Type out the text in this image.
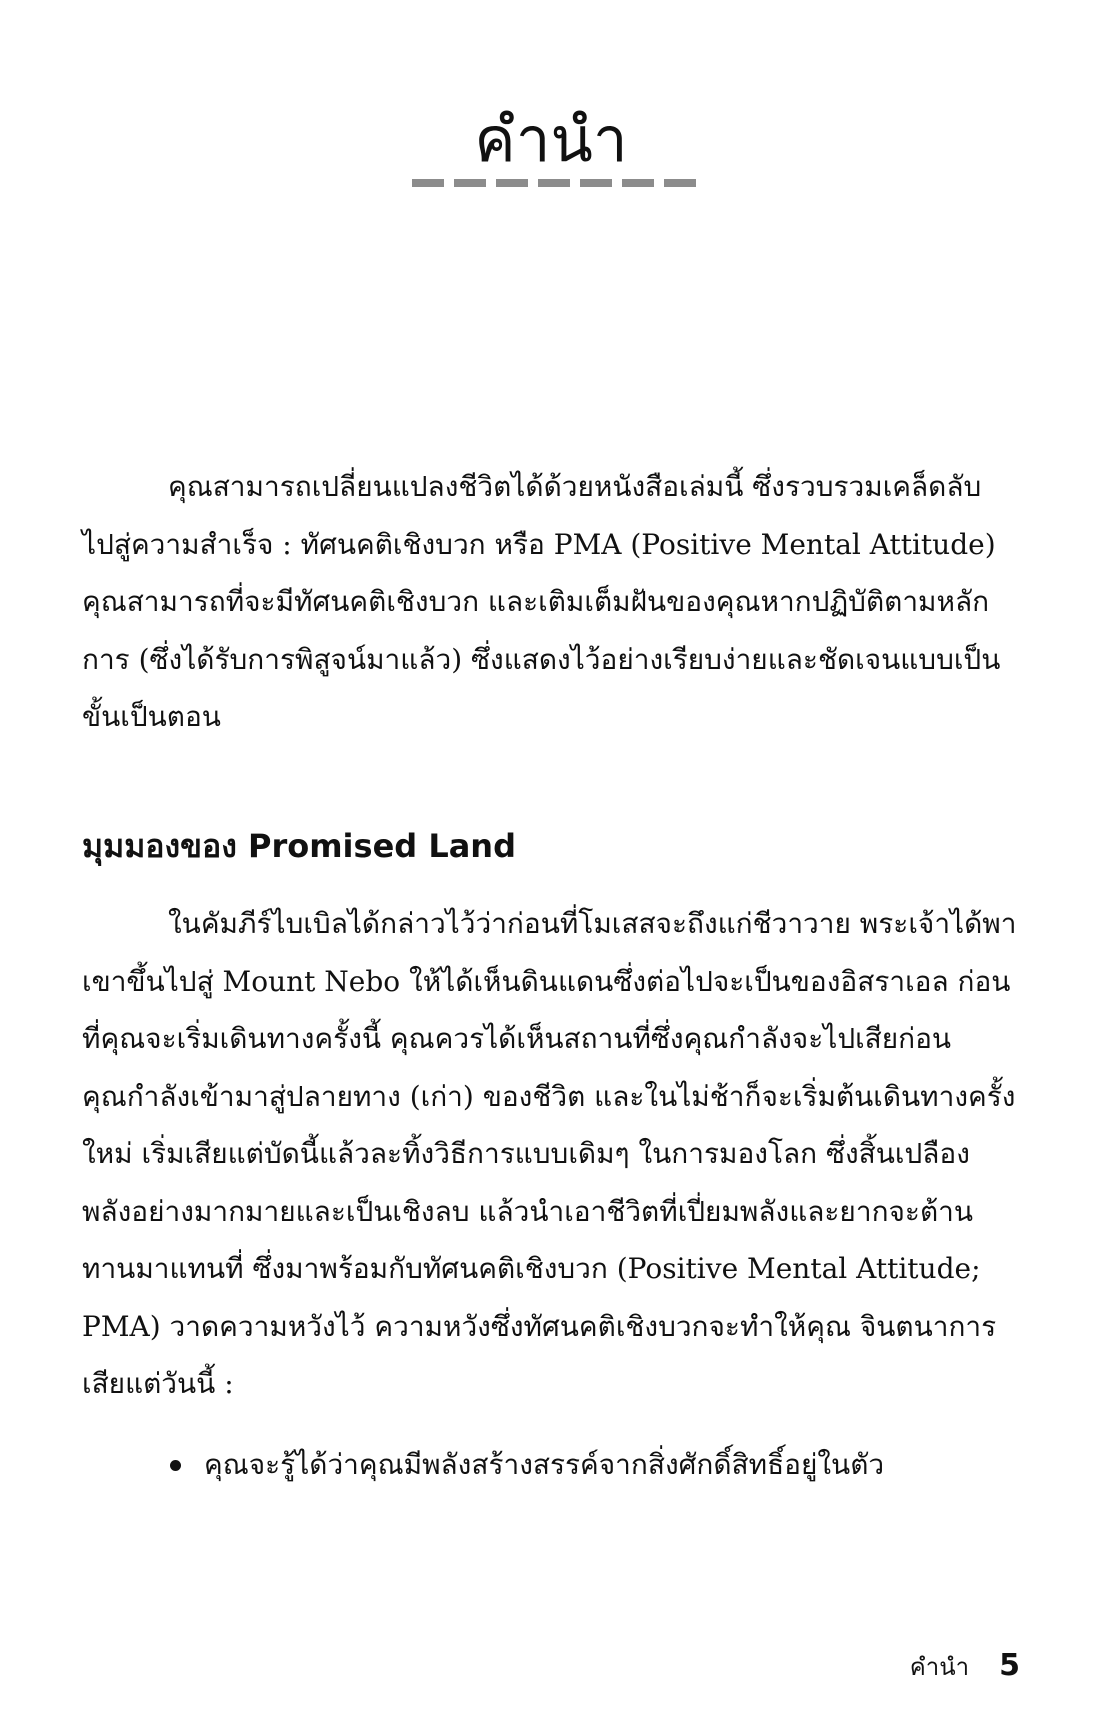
คำนำ

คุณสามารถเปลี่ยนแปลงชีวิตได้ด้วยหนังสือเล่มนี้ ซึ่งรวบรวมเคล็ดลับ
ไปสู่ความสำเร็จ : ทัศนคติเชิงบวก หรือ PMA (Positive Mental Attitude)
คุณสามารถที่จะมีทัศนคติเชิงบวก และเติมเต็มฝันของคุณหากปฏิบัติตามหลัก
การ (ซึ่งได้รับการพิสูจน์มาแล้ว) ซึ่งแสดงไว้อย่างเรียบง่ายและชัดเจนแบบเป็น
ขั้นเป็นตอน

มุมมองของ Promised Land

ในคัมภีร์ไบเบิลได้กล่าวไว้ว่าก่อนที่โมเสสจะถึงแก่ชีวาวาย พระเจ้าได้พา
เขาขึ้นไปสู่ Mount Nebo ให้ได้เห็นดินแดนซึ่งต่อไปจะเป็นของอิสราเอล ก่อน
ที่คุณจะเริ่มเดินทางครั้งนี้ คุณควรได้เห็นสถานที่ซึ่งคุณกำลังจะไปเสียก่อน
คุณกำลังเข้ามาสู่ปลายทาง (เก่า) ของชีวิต และในไม่ช้าก็จะเริ่มต้นเดินทางครั้ง
ใหม่ เริ่มเสียแต่บัดนี้แล้วละทิ้งวิธีการแบบเดิมๆ ในการมองโลก ซึ่งสิ้นเปลือง
พลังอย่างมากมายและเป็นเชิงลบ แล้วนำเอาชีวิตที่เปี่ยมพลังและยากจะต้าน
ทานมาแทนที่ ซึ่งมาพร้อมกับทัศนคติเชิงบวก (Positive Mental Attitude;
PMA) วาดความหวังไว้ ความหวังซึ่งทัศนคติเชิงบวกจะทำให้คุณ จินตนาการ
เสียแต่วันนี้ :

คุณจะรู้ได้ว่าคุณมีพลังสร้างสรรค์จากสิ่งศักดิ์สิทธิ์อยู่ในตัว
คำนำ 5
